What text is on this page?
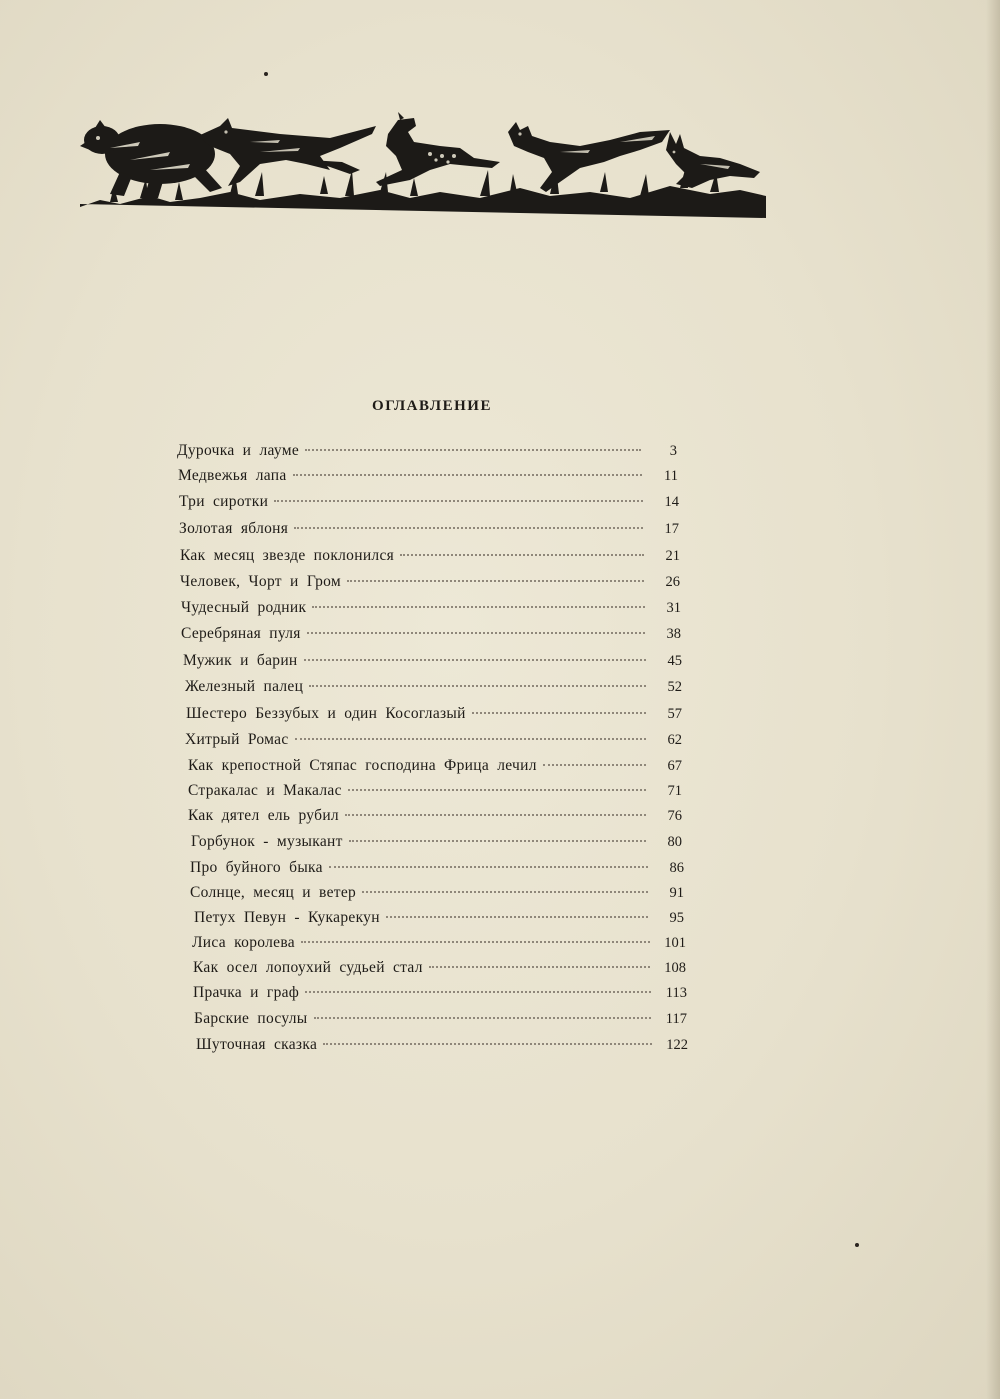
ОГЛАВЛЕНИЕ
Дурочка и лауме	3
Медвежья лапа	11
Три сиротки	14
Золотая яблоня	17
Как месяц звезде поклонился	21
Человек, Чорт и Гром	26
Чудесный родник	31
Серебряная пуля	38
Мужик и барин	45
Железный палец	52
Шестеро Беззубых и один Косоглазый	57
Хитрый Ромас	62
Как крепостной Стяпас господина Фрица лечил	67
Стракалас и Макалас	71
Как дятел ель рубил	76
Горбунок - музыкант	80
Про буйного быка	86
Солнце, месяц и ветер	91
Петух Певун - Кукарекун	95
Лиса королева	101
Как осел лопоухий судьей стал	108
Прачка и граф	113
Барские посулы	117
Шуточная сказка	122
